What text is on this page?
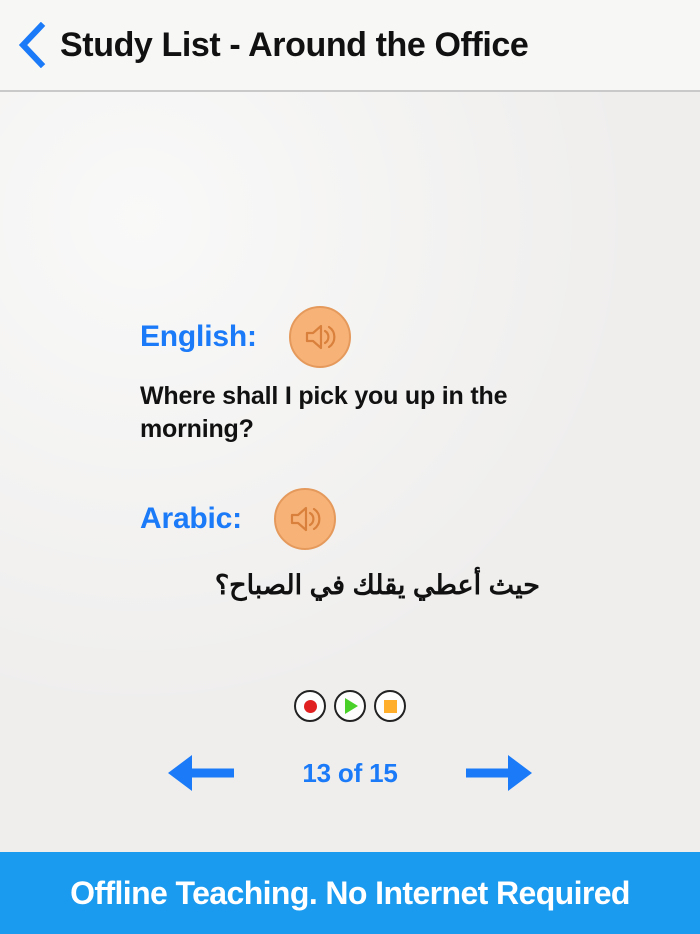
Study List - Around the Office
English:
Where shall I pick you up in the morning?
Arabic:
حيث أعطي يقلك في الصباح؟
13 of 15
Offline Teaching. No Internet Required
